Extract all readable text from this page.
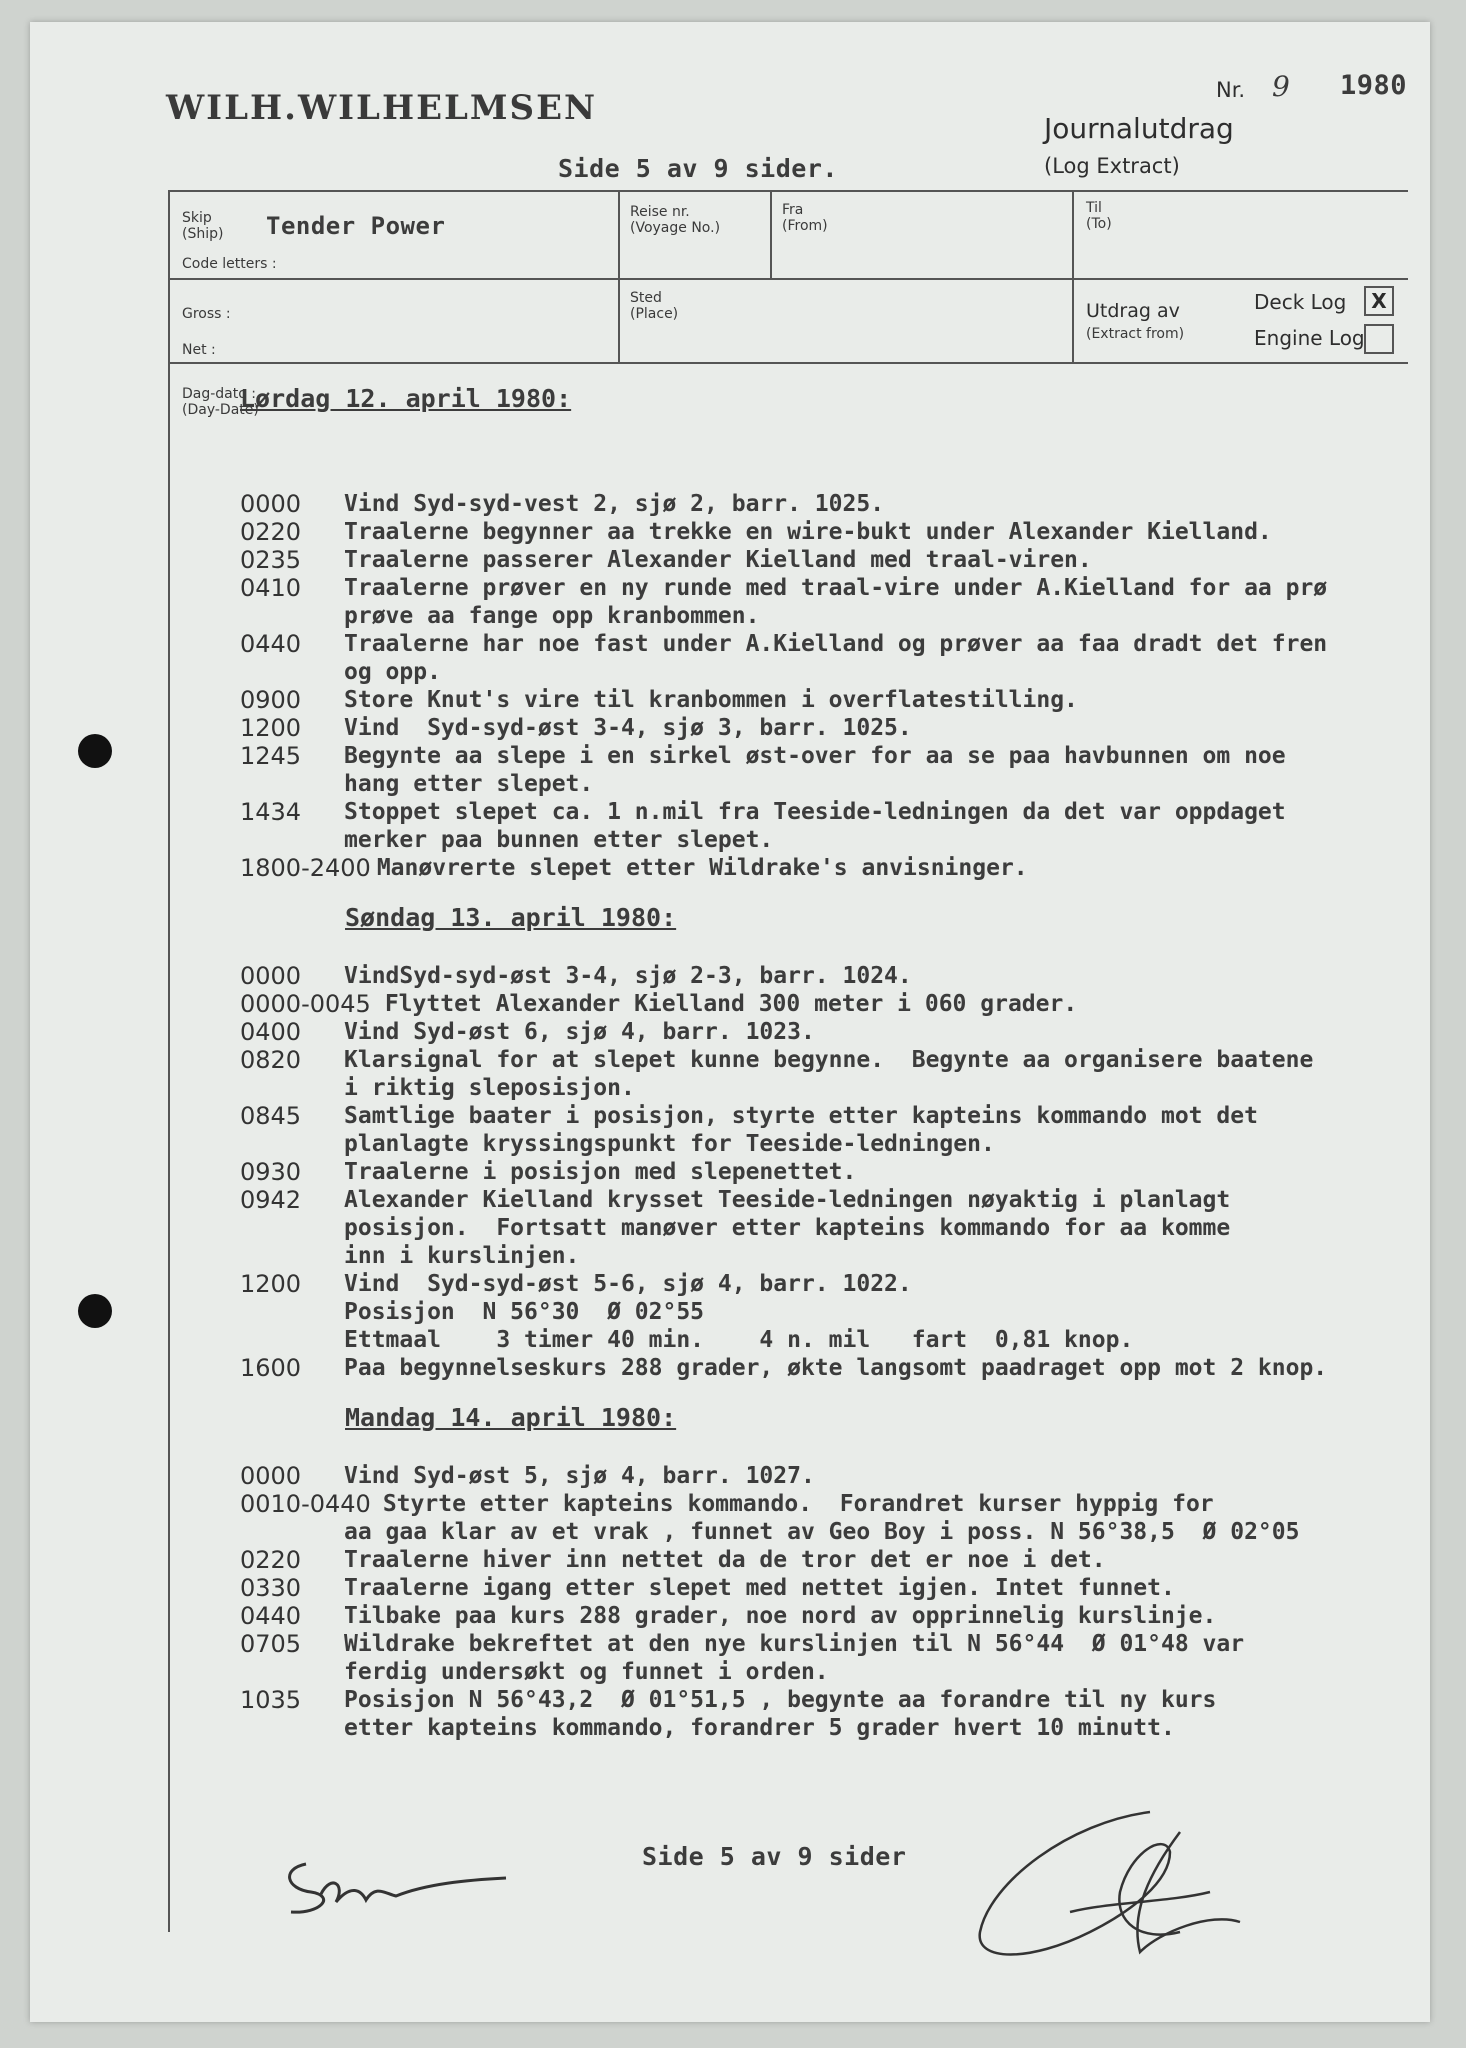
WILH.WILHELMSEN	Nr. 9 1980
Journalutdrag
(Log Extract)
Side 5 av 9 sider.
Skip
(Ship) Tender Power
Code letters :
Reise nr.
(Voyage No.)
Fra
(From)
Til
(To)
Gross :
Net :
Sted
(Place)	Utdrag av
(Extract from)
Deck Log	X
Engine Log
Dag-dato :
(Day-Date)
Lørdag 12. april 1980:
0000	Vind Syd-syd-vest 2, sjø 2, barr. 1025.
0220	Traalerne begynner aa trekke en wire-bukt under Alexander Kielland.
0235	Traalerne passerer Alexander Kielland med traal-viren.
0410	Traalerne prøver en ny runde med traal-vire under A.Kielland for aa prø
prøve aa fange opp kranbommen.
0440	Traalerne har noe fast under A.Kielland og prøver aa faa dradt det fren
og opp.
0900	Store Knut's vire til kranbommen i overflatestilling.
1200	Vind  Syd-syd-øst 3-4, sjø 3, barr. 1025.
1245	Begynte aa slepe i en sirkel øst-over for aa se paa havbunnen om noe
hang etter slepet.
1434	Stoppet slepet ca. 1 n.mil fra Teeside-ledningen da det var oppdaget
merker paa bunnen etter slepet.
1800-2400 Manøvrerte slepet etter Wildrake's anvisninger.
Søndag 13. april 1980:
0000	VindSyd-syd-øst 3-4, sjø 2-3, barr. 1024.
0000-0045 Flyttet Alexander Kielland 300 meter i 060 grader.
0400	Vind Syd-øst 6, sjø 4, barr. 1023.
0820	Klarsignal for at slepet kunne begynne.  Begynte aa organisere baatene
i riktig sleposisjon.
0845	Samtlige baater i posisjon, styrte etter kapteins kommando mot det
planlagte kryssingspunkt for Teeside-ledningen.
0930	Traalerne i posisjon med slepenettet.
0942	Alexander Kielland krysset Teeside-ledningen nøyaktig i planlagt
posisjon.  Fortsatt manøver etter kapteins kommando for aa komme
inn i kurslinjen.
1200	Vind  Syd-syd-øst 5-6, sjø 4, barr. 1022.
Posisjon  N 56°30  Ø 02°55
Ettmaal    3 timer 40 min.    4 n. mil   fart  0,81 knop.
1600	Paa begynnelseskurs 288 grader, økte langsomt paadraget opp mot 2 knop.
Mandag 14. april 1980:
0000	Vind Syd-øst 5, sjø 4, barr. 1027.
0010-0440 Styrte etter kapteins kommando.  Forandret kurser hyppig for
aa gaa klar av et vrak , funnet av Geo Boy i poss. N 56°38,5  Ø 02°05
0220	Traalerne hiver inn nettet da de tror det er noe i det.
0330	Traalerne igang etter slepet med nettet igjen. Intet funnet.
0440	Tilbake paa kurs 288 grader, noe nord av opprinnelig kurslinje.
0705	Wildrake bekreftet at den nye kurslinjen til N 56°44  Ø 01°48 var
ferdig undersøkt og funnet i orden.
1035	Posisjon N 56°43,2  Ø 01°51,5 , begynte aa forandre til ny kurs
etter kapteins kommando, forandrer 5 grader hvert 10 minutt.
Side 5 av 9 sider
